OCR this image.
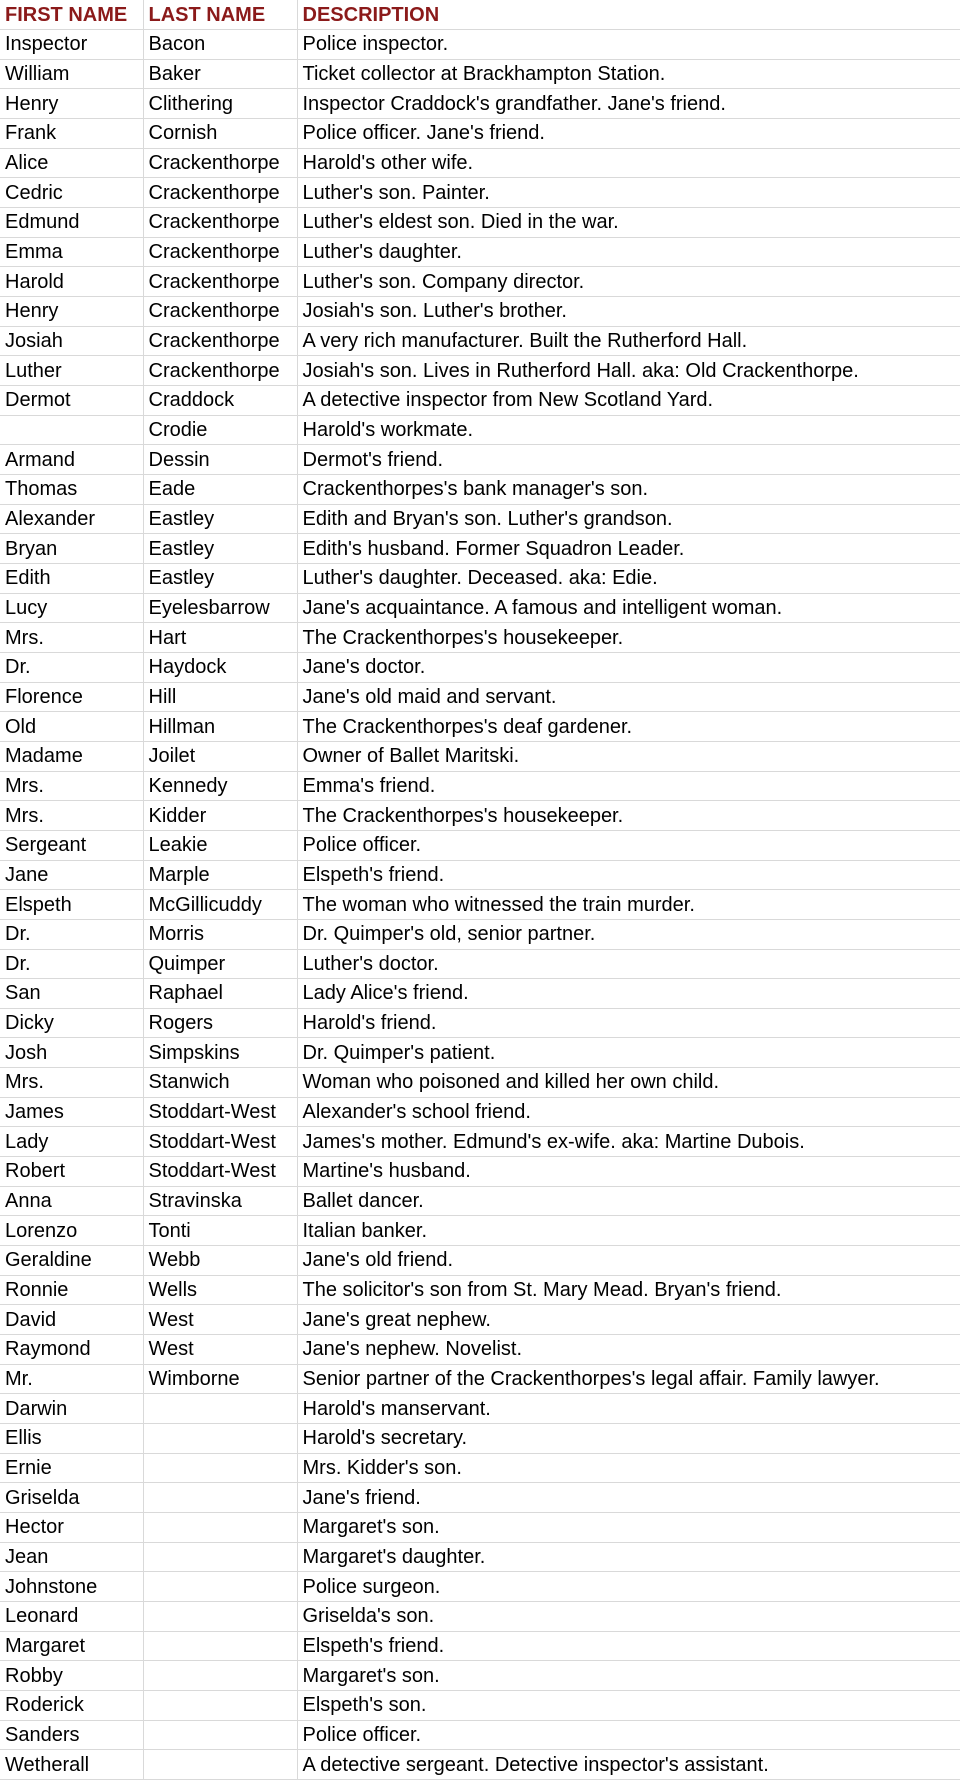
FIRST NAME	LAST NAME	DESCRIPTION
Inspector	Bacon	Police inspector.
William	Baker	Ticket collector at Brackhampton Station.
Henry	Clithering	Inspector Craddock's grandfather. Jane's friend.
Frank	Cornish	Police officer. Jane's friend.
Alice	Crackenthorpe	Harold's other wife.
Cedric	Crackenthorpe	Luther's son. Painter.
Edmund	Crackenthorpe	Luther's eldest son. Died in the war.
Emma	Crackenthorpe	Luther's daughter.
Harold	Crackenthorpe	Luther's son. Company director.
Henry	Crackenthorpe	Josiah's son. Luther's brother.
Josiah	Crackenthorpe	A very rich manufacturer. Built the Rutherford Hall.
Luther	Crackenthorpe	Josiah's son. Lives in Rutherford Hall. aka: Old Crackenthorpe.
Dermot	Craddock	A detective inspector from New Scotland Yard.
	Crodie	Harold's workmate.
Armand	Dessin	Dermot's friend.
Thomas	Eade	Crackenthorpes's bank manager's son.
Alexander	Eastley	Edith and Bryan's son. Luther's grandson.
Bryan	Eastley	Edith's husband. Former Squadron Leader.
Edith	Eastley	Luther's daughter. Deceased. aka: Edie.
Lucy	Eyelesbarrow	Jane's acquaintance. A famous and intelligent woman.
Mrs.	Hart	The Crackenthorpes's housekeeper.
Dr.	Haydock	Jane's doctor.
Florence	Hill	Jane's old maid and servant.
Old	Hillman	The Crackenthorpes's deaf gardener.
Madame	Joilet	Owner of Ballet Maritski.
Mrs.	Kennedy	Emma's friend.
Mrs.	Kidder	The Crackenthorpes's housekeeper.
Sergeant	Leakie	Police officer.
Jane	Marple	Elspeth's friend.
Elspeth	McGillicuddy	The woman who witnessed the train murder.
Dr.	Morris	Dr. Quimper's old, senior partner.
Dr.	Quimper	Luther's doctor.
San	Raphael	Lady Alice's friend.
Dicky	Rogers	Harold's friend.
Josh	Simpskins	Dr. Quimper's patient.
Mrs.	Stanwich	Woman who poisoned and killed her own child.
James	Stoddart-West	Alexander's school friend.
Lady	Stoddart-West	James's mother. Edmund's ex-wife. aka: Martine Dubois.
Robert	Stoddart-West	Martine's husband.
Anna	Stravinska	Ballet dancer.
Lorenzo	Tonti	Italian banker.
Geraldine	Webb	Jane's old friend.
Ronnie	Wells	The solicitor's son from St. Mary Mead. Bryan's friend.
David	West	Jane's great nephew.
Raymond	West	Jane's nephew. Novelist.
Mr.	Wimborne	Senior partner of the Crackenthorpes's legal affair. Family lawyer.
Darwin		Harold's manservant.
Ellis		Harold's secretary.
Ernie		Mrs. Kidder's son.
Griselda		Jane's friend.
Hector		Margaret's son.
Jean		Margaret's daughter.
Johnstone		Police surgeon.
Leonard		Griselda's son.
Margaret		Elspeth's friend.
Robby		Margaret's son.
Roderick		Elspeth's son.
Sanders		Police officer.
Wetherall		A detective sergeant. Detective inspector's assistant.
